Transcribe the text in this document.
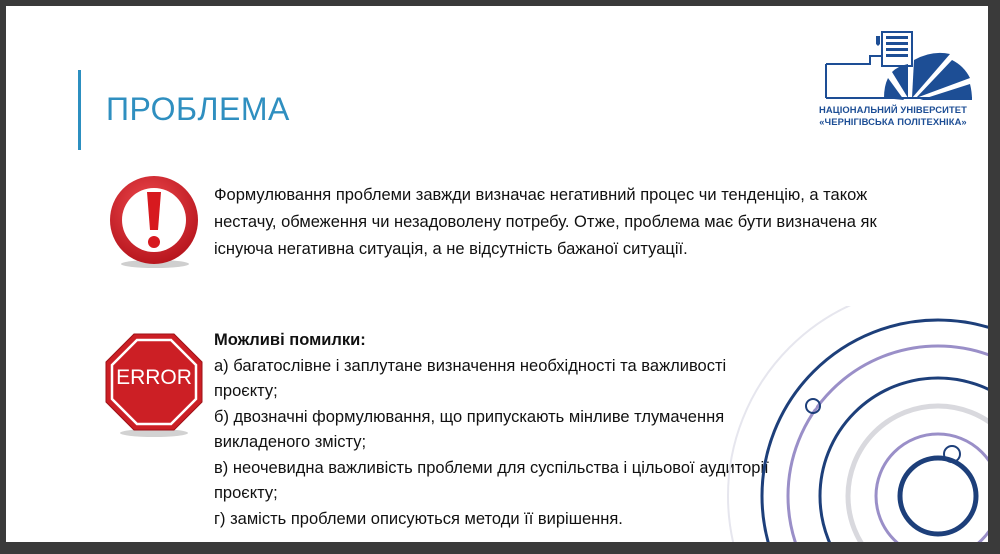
ПРОБЛЕМА	НАЦІОНАЛЬНИЙ УНІВЕРСИТЕТ
«ЧЕРНІГІВСЬКА ПОЛІТЕХНІКА»
Формулювання проблеми завжди визначає негативний процес чи тенденцію, а також нестачу, обмеження чи незадоволену потребу. Отже, проблема має бути визначена як існуюча негативна ситуація, а не відсутність бажаної ситуації.
ERROR
Можливі помилки:
а) багатослівне і заплутане визначення необхідності та важливості проєкту;
б) двозначні формулювання, що припускають мінливе тлумачення викладеного змісту;
в) неочевидна важливість проблеми для суспільства і цільової аудиторії проєкту;
г) замість проблеми описуються методи її вирішення.
